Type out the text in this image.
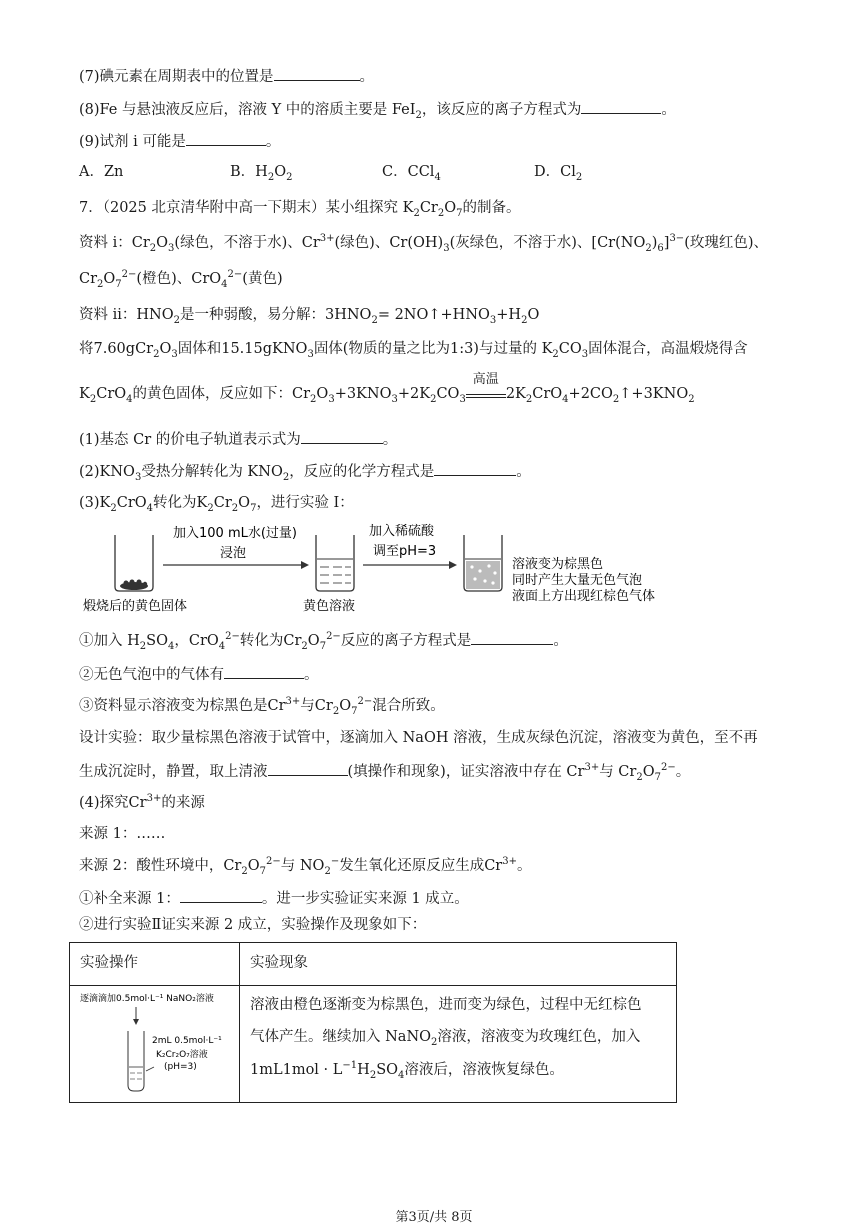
(7)碘元素在周期表中的位置是	。
(8)Fe 与悬浊液反应后，溶液 Y 中的溶质主要是 FeI$_2$，该反应的离子方程式为	。
(9)试剂 i 可能是	。
A．Zn	B．$H_2O_2$	C．CCl$_4$	D．$Cl_2$
7．（2025 北京清华附中高一下期末）某小组探究 $K_2Cr_2O_7$的制备。
资料 i：$Cr_2O_3$(绿色，不溶于水)、$Cr^{3+}$(绿色)、$Cr(OH)_3$(灰绿色，不溶于水)、$[Cr(NO_2)_6]^{3-}$(玫瑰红色)、
$Cr_2O_7^{2-}$(橙色)、CrO$_4^{2-}$(黄色)
资料 ii：$HNO_2$是一种弱酸，易分解：$3HNO_2=$ $2NO↑+HNO_3+H_2O$
将$7.60gCr_2O_3$固体和15.15gKNO$_3$固体(物质的量之比为1:3)与过量的 $K_2CO_3$固体混合，高温煅烧得含
$K_2CrO_4$的黄色固体，反应如下：$Cr_2O_3+3KNO_3+2K_2CO_3$
高温
$2K_2CrO_4+2CO_2↑+3KNO_2$
(1)基态 Cr 的价电子轨道表示式为	。
$(2)KNO_3$受热分解转化为 $KNO_2$，反应的化学方程式是	。
$(3)K_2CrO_4$转化为$K_2Cr_2O_7$，进行实验 I：
煅烧后的黄色固体
加入100 mL水(过量)
浸泡
黄色溶液
加入稀硫酸
调至pH=3
溶液变为棕黑色
同时产生大量无色气泡
液面上方出现红棕色气体
①加入 $H_2SO_4$，CrO$_4^{2-}$转化为$Cr_2O_7^{2-}$反应的离子方程式是	。
②无色气泡中的气体有	。
③资料显示溶液变为棕黑色是$Cr^{3+}$与$Cr_2O_7^{2-}$混合所致。
设计实验：取少量棕黑色溶液于试管中，逐滴加入 NaOH 溶液，生成灰绿色沉淀，溶液变为黄色，至不再
生成沉淀时，静置，取上清液	(填操作和现象)，证实溶液中存在 $Cr^{3+}$与 $Cr_2O_7^{2-}$。
(4)探究$Cr^{3+}$的来源
来源 1：……
来源 2：酸性环境中，$Cr_2O_7^{2-}$与 $NO_2^-$发生氧化还原反应生成$Cr^{3+}$。
①补全来源 1：	。进一步实验证实来源 1 成立。
②进行实验Ⅱ证实来源 2 成立，实验操作及现象如下：
实验操作	实验现象
逐滴滴加0.5mol·L⁻¹ NaNO₂溶液
2mL 0.5mol·L⁻¹
K₂Cr₂O₇溶液
(pH=3)
溶液由橙色逐渐变为棕黑色，进而变为绿色，过程中无红棕色
气体产生。继续加入 NaNO$_2$溶液，溶液变为玫瑰红色，加入
$1mL1mol \cdot L^{-1}H_2SO_4$溶液后，溶液恢复绿色。
第3页/共 8页
